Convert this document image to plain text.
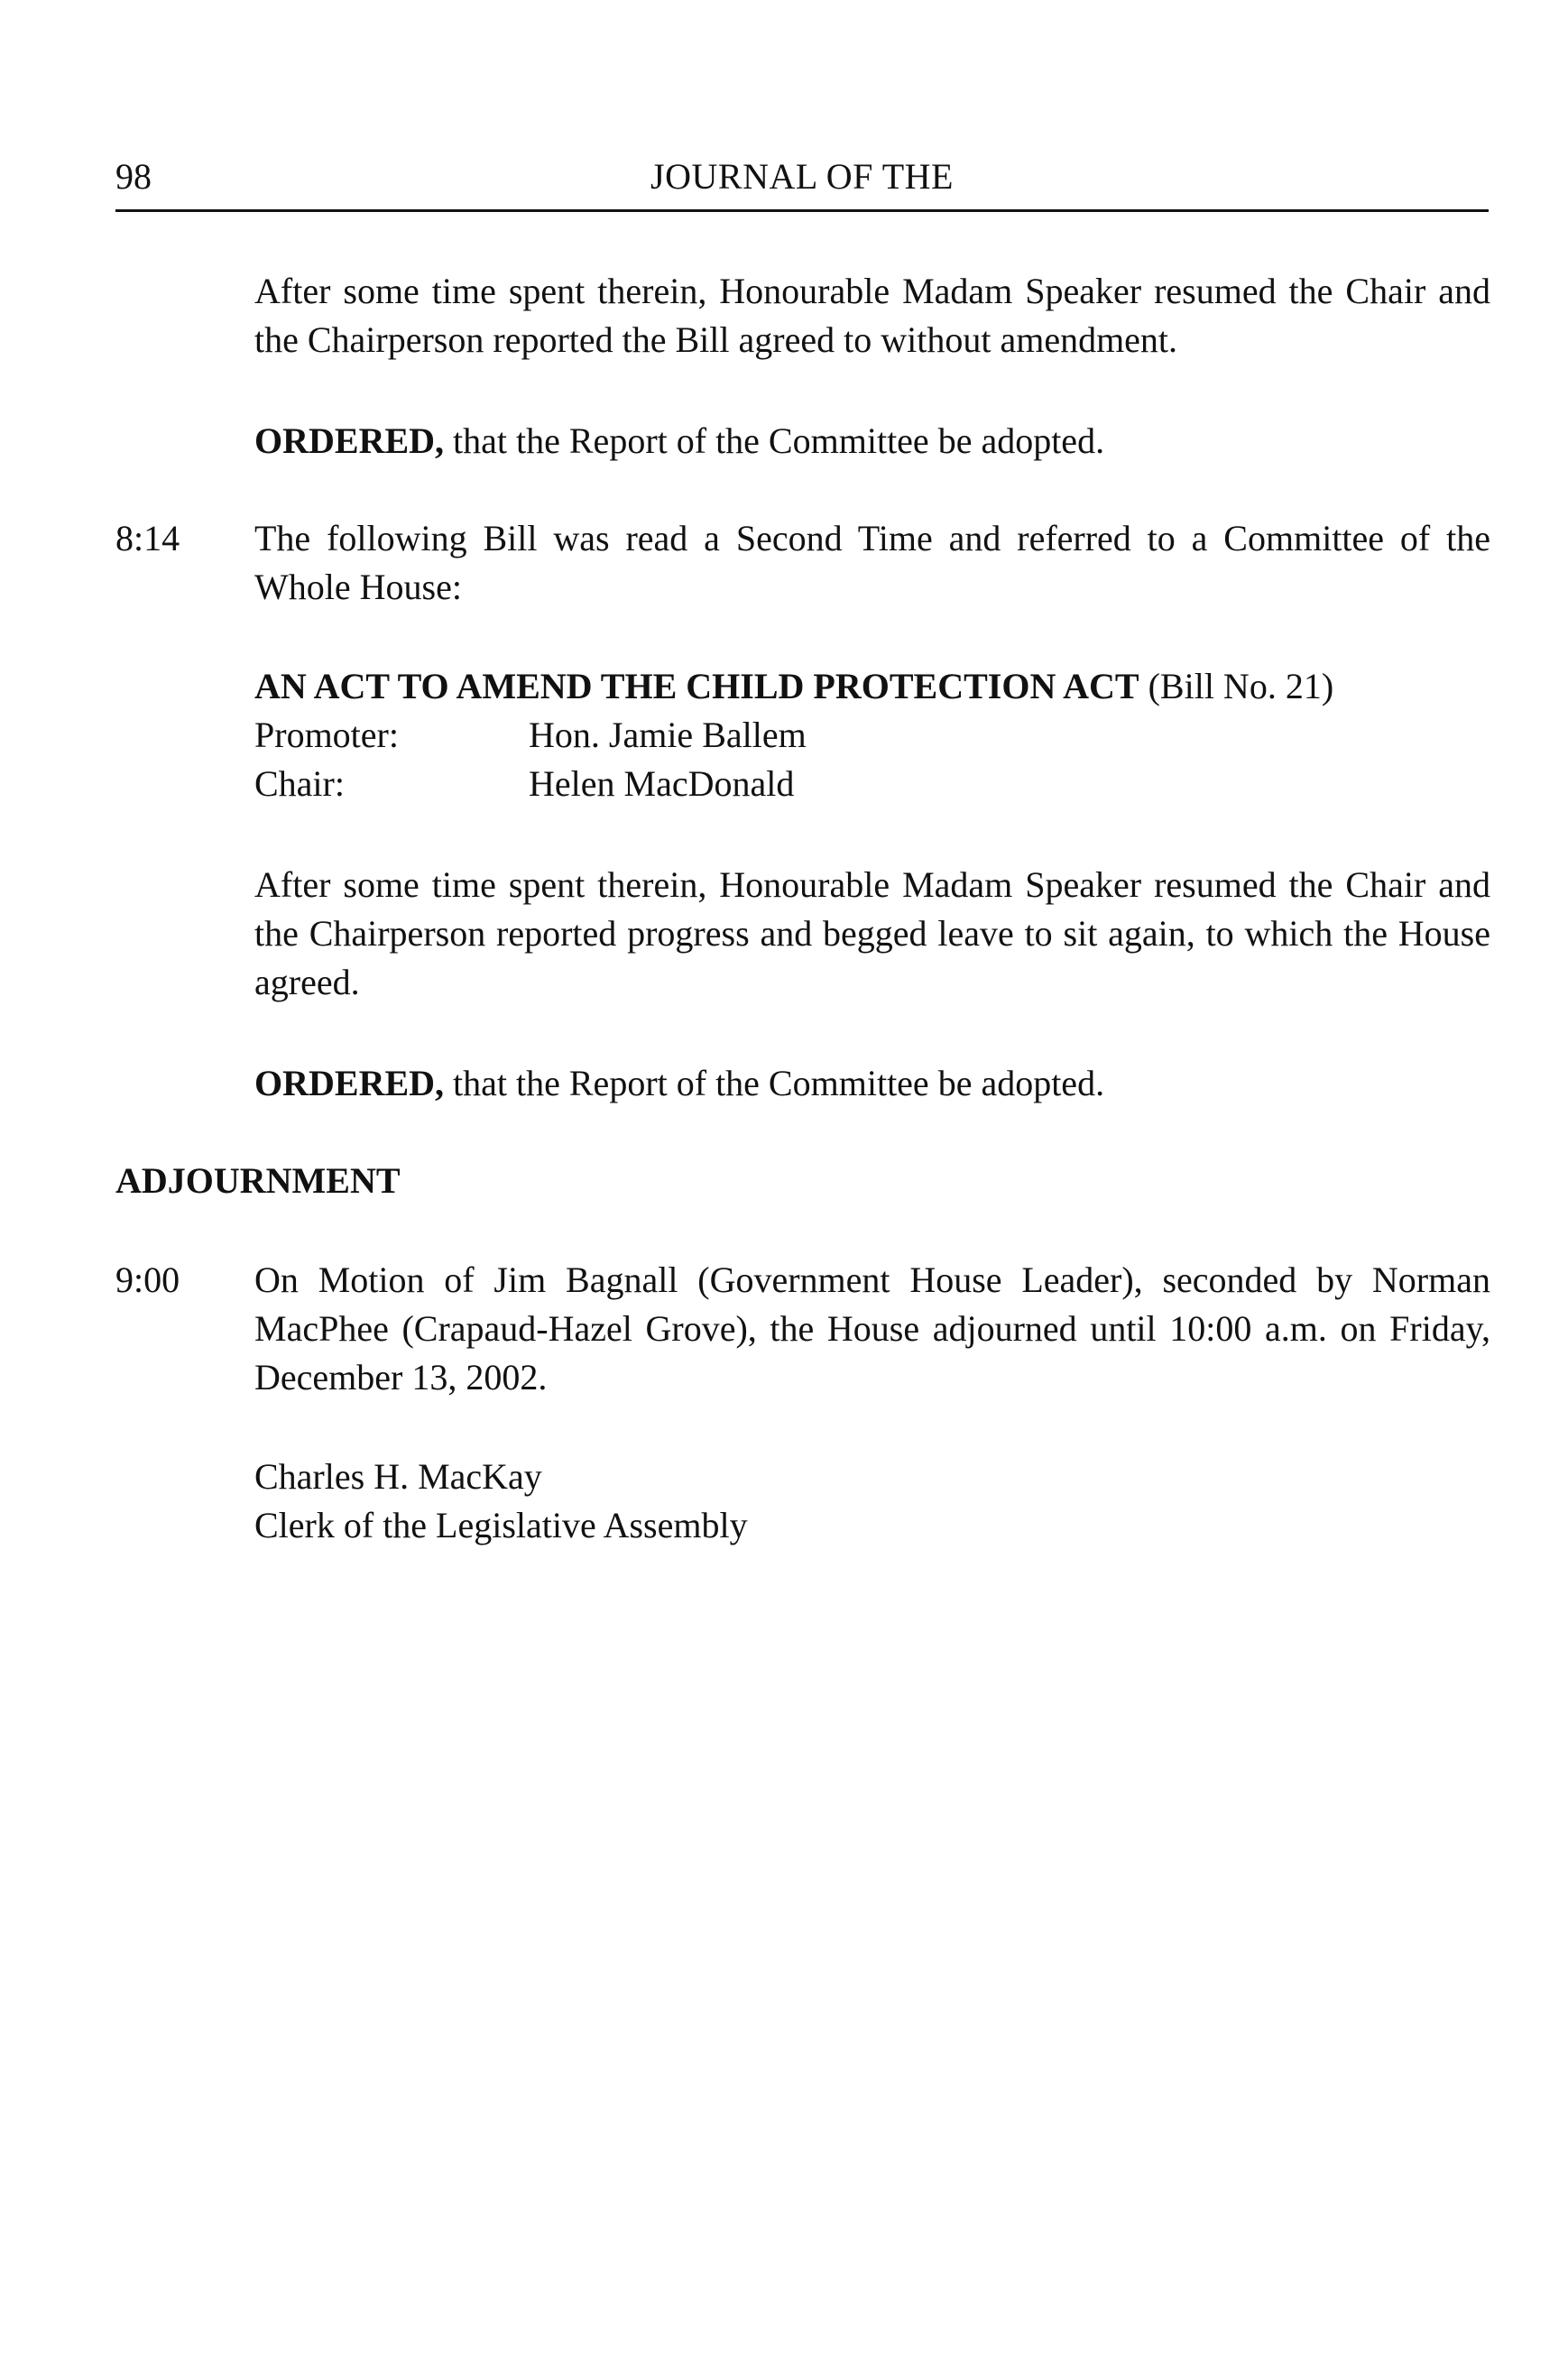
98	JOURNAL OF THE
After some time spent therein, Honourable Madam Speaker resumed the Chair and the Chairperson reported the Bill agreed to without amendment.
ORDERED, that the Report of the Committee be adopted.
8:14 The following Bill was read a Second Time and referred to a Committee of the Whole House:
AN ACT TO AMEND THE CHILD PROTECTION ACT (Bill No. 21)
Promoter:	Hon. Jamie Ballem
Chair:	Helen MacDonald
After some time spent therein, Honourable Madam Speaker resumed the Chair and the Chairperson reported progress and begged leave to sit again, to which the House agreed.
ORDERED, that the Report of the Committee be adopted.
ADJOURNMENT
9:00 On Motion of Jim Bagnall (Government House Leader), seconded by Norman MacPhee (Crapaud-Hazel Grove), the House adjourned until 10:00 a.m. on Friday, December 13, 2002.
Charles H. MacKay
Clerk of the Legislative Assembly
